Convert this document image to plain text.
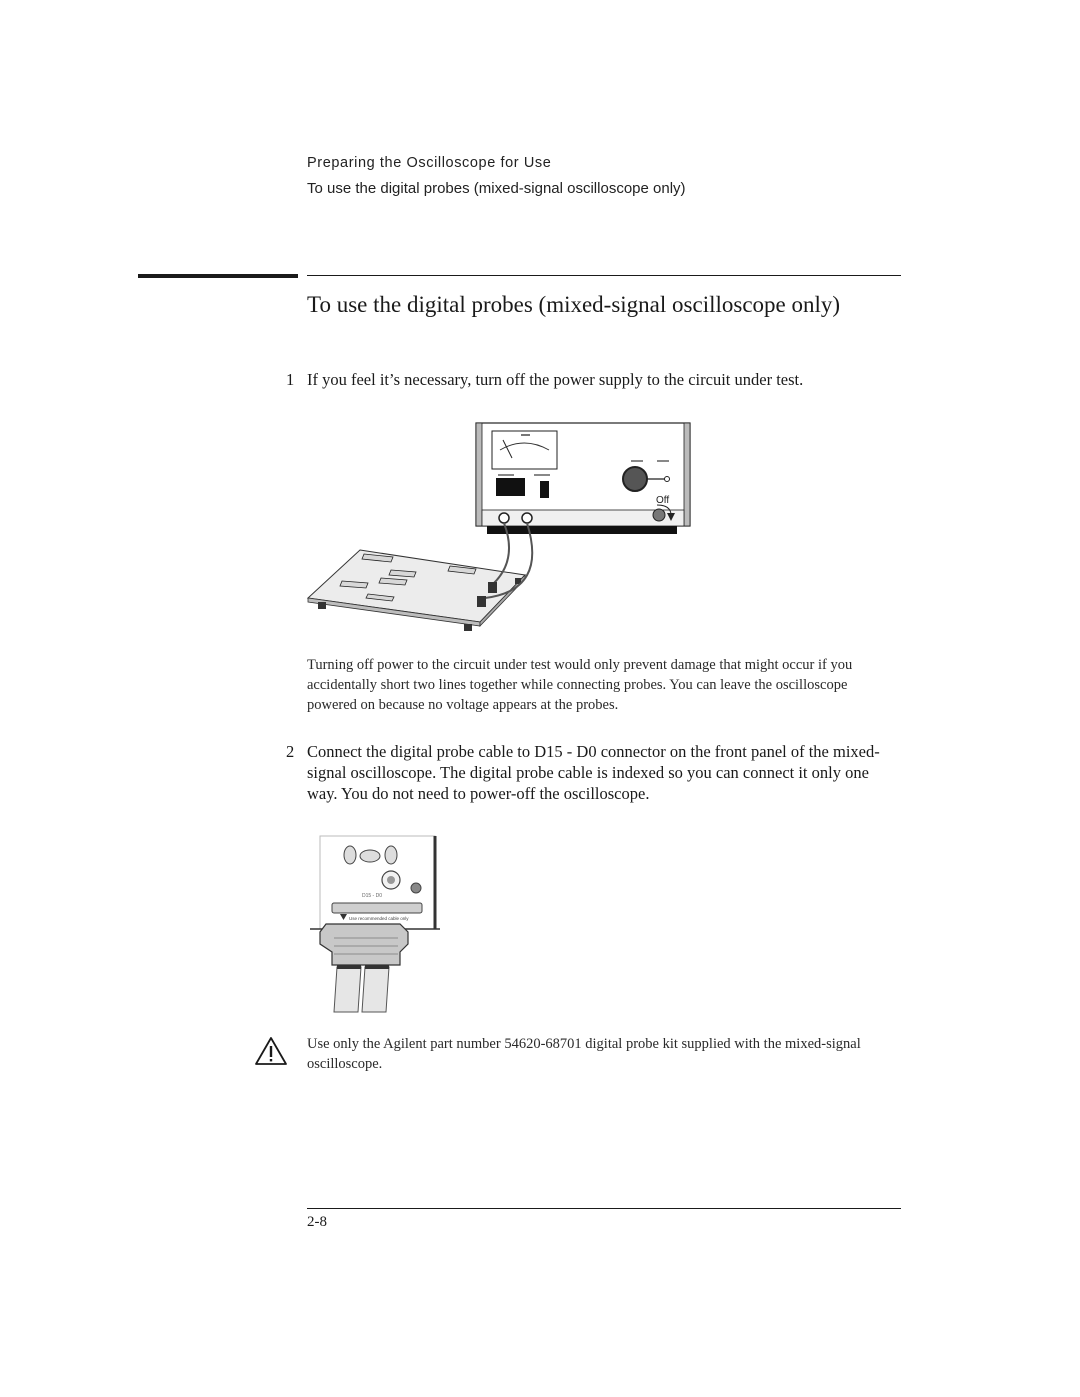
Preparing the Oscilloscope for Use
To use the digital probes (mixed-signal oscilloscope only)
To use the digital probes (mixed-signal oscilloscope only)
1 If you feel it’s necessary, turn off the power supply to the circuit under test.
Off
Turning off power to the circuit under test would only prevent damage that might occur if you accidentally short two lines together while connecting probes. You can leave the oscilloscope powered on because no voltage appears at the probes.
2 Connect the digital probe cable to D15 - D0 connector on the front panel of the mixed-signal oscilloscope. The digital probe cable is indexed so you can connect it only one way. You do not need to power-off the oscilloscope.
D15 - D0
Use recommended cable only
Use only the Agilent part number 54620-68701 digital probe kit supplied with the mixed-signal oscilloscope.
2-8
